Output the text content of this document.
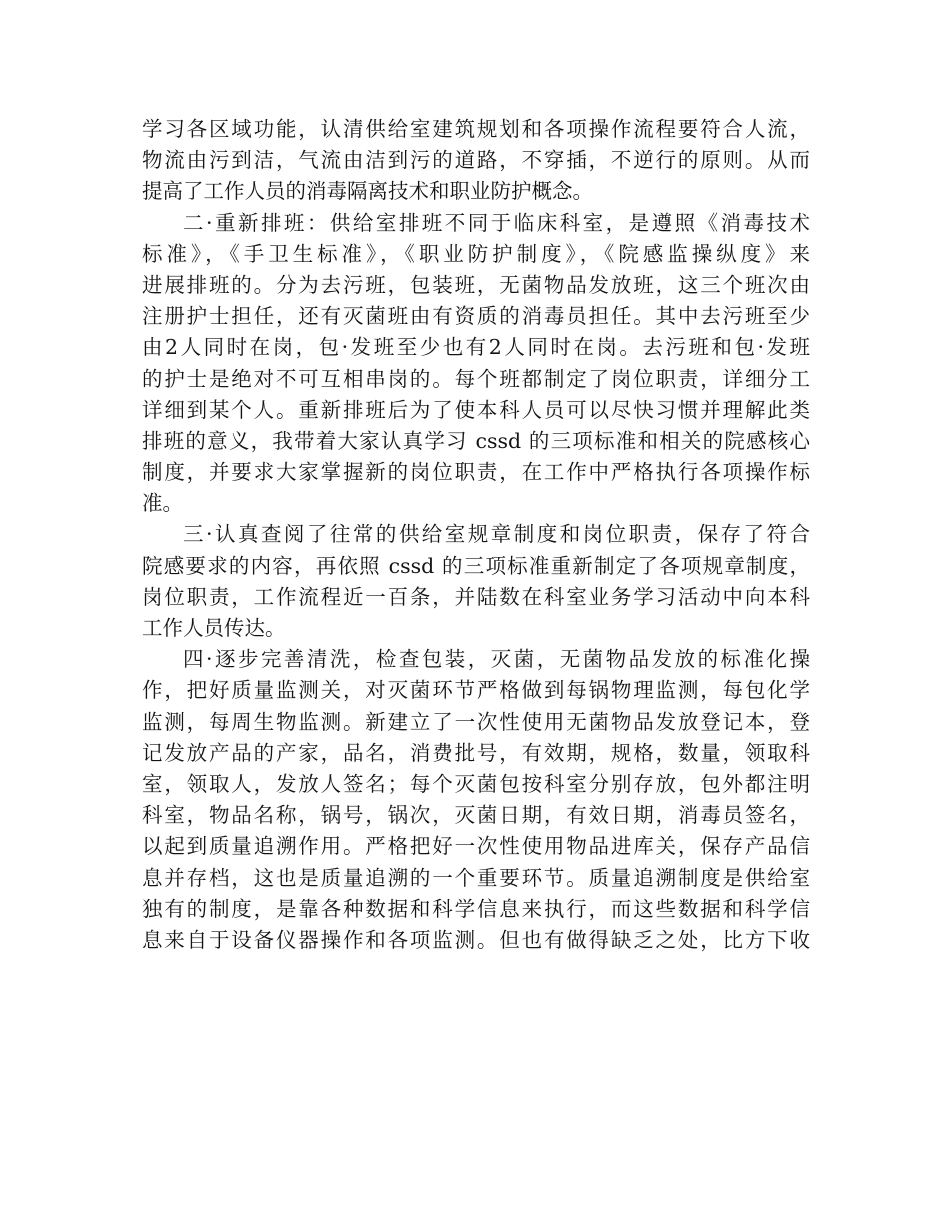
学习各区域功能，认清供给室建筑规划和各项操作流程要符合人流，
物流由污到洁，气流由洁到污的道路，不穿插，不逆行的原则。从而
提高了工作人员的消毒隔离技术和职业防护概念。
二·重新排班：供给室排班不同于临床科室，是遵照《消毒技术
标准》，《手卫生标准》，《职业防护制度》，《院感监操纵度》来
进展排班的。分为去污班，包装班，无菌物品发放班，这三个班次由
注册护士担任，还有灭菌班由有资质的消毒员担任。其中去污班至少
由2人同时在岗，包·发班至少也有2人同时在岗。去污班和包·发班
的护士是绝对不可互相串岗的。每个班都制定了岗位职责，详细分工
详细到某个人。重新排班后为了使本科人员可以尽快习惯并理解此类
排班的意义，我带着大家认真学习 cssd 的三项标准和相关的院感核心
制度，并要求大家掌握新的岗位职责，在工作中严格执行各项操作标
准。
三·认真查阅了往常的供给室规章制度和岗位职责，保存了符合
院感要求的内容，再依照 cssd 的三项标准重新制定了各项规章制度，
岗位职责，工作流程近一百条，并陆数在科室业务学习活动中向本科
工作人员传达。
四·逐步完善清洗，检查包装，灭菌，无菌物品发放的标准化操
作，把好质量监测关，对灭菌环节严格做到每锅物理监测，每包化学
监测，每周生物监测。新建立了一次性使用无菌物品发放登记本，登
记发放产品的产家，品名，消费批号，有效期，规格，数量，领取科
室，领取人，发放人签名；每个灭菌包按科室分别存放，包外都注明
科室，物品名称，锅号，锅次，灭菌日期，有效日期，消毒员签名，
以起到质量追溯作用。严格把好一次性使用物品进库关，保存产品信
息并存档，这也是质量追溯的一个重要环节。质量追溯制度是供给室
独有的制度，是靠各种数据和科学信息来执行，而这些数据和科学信
息来自于设备仪器操作和各项监测。但也有做得缺乏之处，比方下收
